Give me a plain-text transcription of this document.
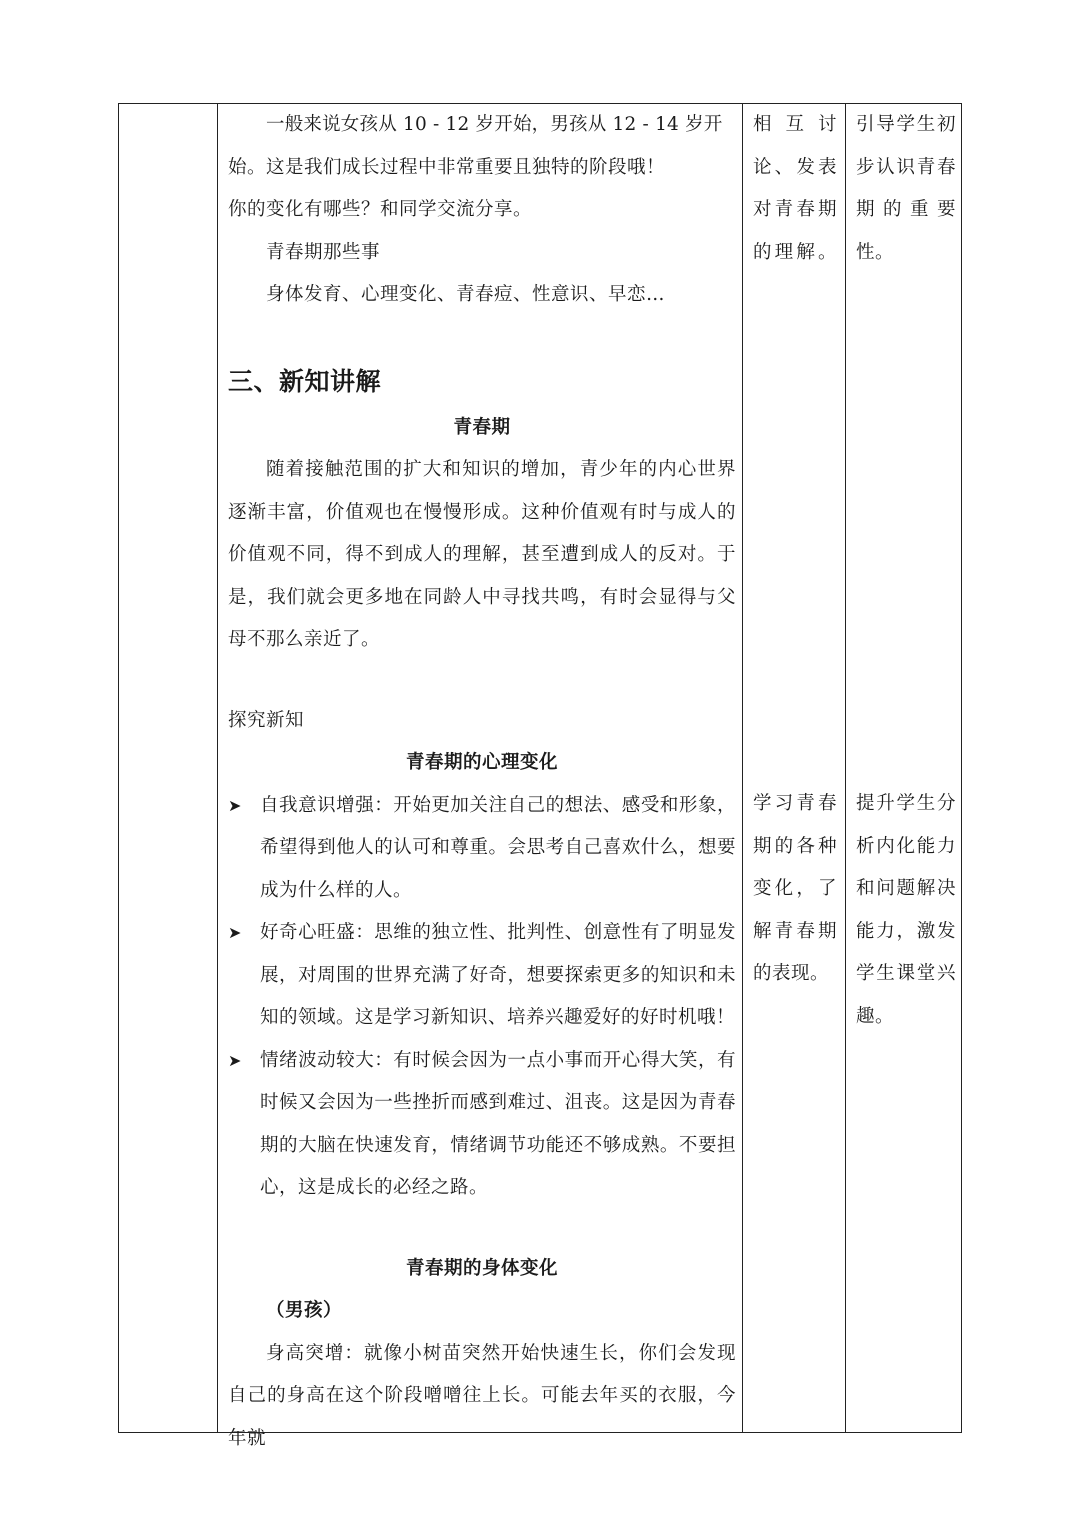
一般来说女孩从 10 - 12 岁开始，男孩从 12 - 14 岁开

始。这是我们成长过程中非常重要且独特的阶段哦！

你的变化有哪些？和同学交流分享。

青春期那些事

身体发育、心理变化、青春痘、性意识、早恋…

三、新知讲解

青春期

随着接触范围的扩大和知识的增加，青少年的内心世界逐渐丰富，价值观也在慢慢形成。这种价值观有时与成人的价值观不同，得不到成人的理解，甚至遭到成人的反对。于是，我们就会更多地在同龄人中寻找共鸣，有时会显得与父母不那么亲近了。

探究新知

青春期的心理变化

➤ 自我意识增强：开始更加关注自己的想法、感受和形象，希望得到他人的认可和尊重。会思考自己喜欢什么，想要成为什么样的人。
➤ 好奇心旺盛：思维的独立性、批判性、创意性有了明显发展，对周围的世界充满了好奇，想要探索更多的知识和未知的领域。这是学习新知识、培养兴趣爱好的好时机哦！
➤ 情绪波动较大：有时候会因为一点小事而开心得大笑，有时候又会因为一些挫折而感到难过、沮丧。这是因为青春期的大脑在快速发育，情绪调节功能还不够成熟。不要担心，这是成长的必经之路。

青春期的身体变化

（男孩）

身高突增：就像小树苗突然开始快速生长，你们会发现自己的身高在这个阶段噌噌往上长。可能去年买的衣服，今年就

相互讨论、发表对青春期的理解。
学习青春期的各种变化，了解青春期的表现。
引导学生初步认识青春期的重要性。
提升学生分析内化能力和问题解决能力，激发学生课堂兴趣。
